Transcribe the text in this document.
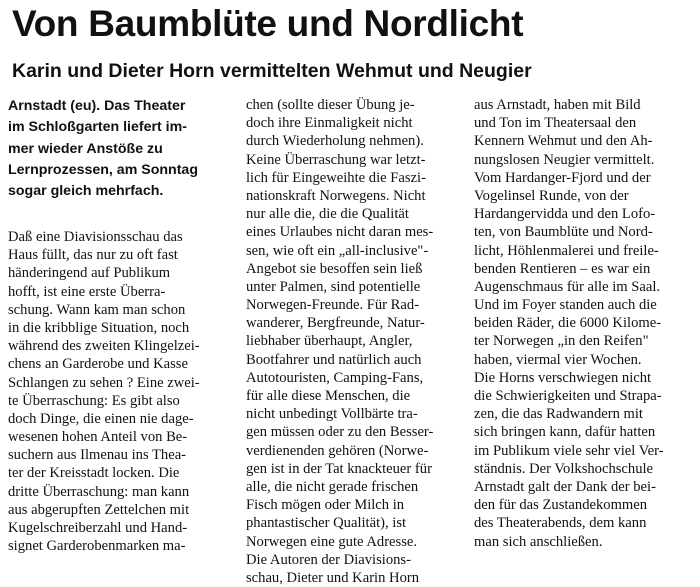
Von Baumblüte und Nordlicht
Karin und Dieter Horn vermittelten Wehmut und Neugier
Arnstadt (eu). Das Theater
im Schloßgarten liefert im-
mer wieder Anstöße zu
Lernprozessen, am Sonntag
sogar gleich mehrfach.
Daß eine Diavisionsschau das
Haus füllt, das nur zu oft fast
händeringend auf Publikum
hofft, ist eine erste Überra-
schung. Wann kam man schon
in die kribblige Situation, noch
während des zweiten Klingelzei-
chens an Garderobe und Kasse
Schlangen zu sehen ? Eine zwei-
te Überraschung: Es gibt also
doch Dinge, die einen nie dage-
wesenen hohen Anteil von Be-
suchern aus Ilmenau ins Thea-
ter der Kreisstadt locken. Die
dritte Überraschung: man kann
aus abgerupften Zettelchen mit
Kugelschreiberzahl und Hand-
signet Garderobenmarken ma-
chen (sollte dieser Übung je-
doch ihre Einmaligkeit nicht
durch Wiederholung nehmen).
Keine Überraschung war letzt-
lich für Eingeweihte die Faszi-
nationskraft Norwegens. Nicht
nur alle die, die die Qualität
eines Urlaubes nicht daran mes-
sen, wie oft ein „all-inclusive"-
Angebot sie besoffen sein ließ
unter Palmen, sind potentielle
Norwegen-Freunde. Für Rad-
wanderer, Bergfreunde, Natur-
liebhaber überhaupt, Angler,
Bootfahrer und natürlich auch
Autotouristen, Camping-Fans,
für alle diese Menschen, die
nicht unbedingt Vollbärte tra-
gen müssen oder zu den Besser-
verdienenden gehören (Norwe-
gen ist in der Tat knackteuer für
alle, die nicht gerade frischen
Fisch mögen oder Milch in
phantastischer Qualität), ist
Norwegen eine gute Adresse.
Die Autoren der Diavisions-
schau, Dieter und Karin Horn
aus Arnstadt, haben mit Bild
und Ton im Theatersaal den
Kennern Wehmut und den Ah-
nungslosen Neugier vermittelt.
Vom Hardanger-Fjord und der
Vogelinsel Runde, von der
Hardangervidda und den Lofo-
ten, von Baumblüte und Nord-
licht, Höhlenmalerei und freile-
benden Rentieren – es war ein
Augenschmaus für alle im Saal.
Und im Foyer standen auch die
beiden Räder, die 6000 Kilome-
ter Norwegen „in den Reifen"
haben, viermal vier Wochen.
Die Horns verschwiegen nicht
die Schwierigkeiten und Strapa-
zen, die das Radwandern mit
sich bringen kann, dafür hatten
im Publikum viele sehr viel Ver-
ständnis. Der Volkshochschule
Arnstadt galt der Dank der bei-
den für das Zustandekommen
des Theaterabends, dem kann
man sich anschließen.
